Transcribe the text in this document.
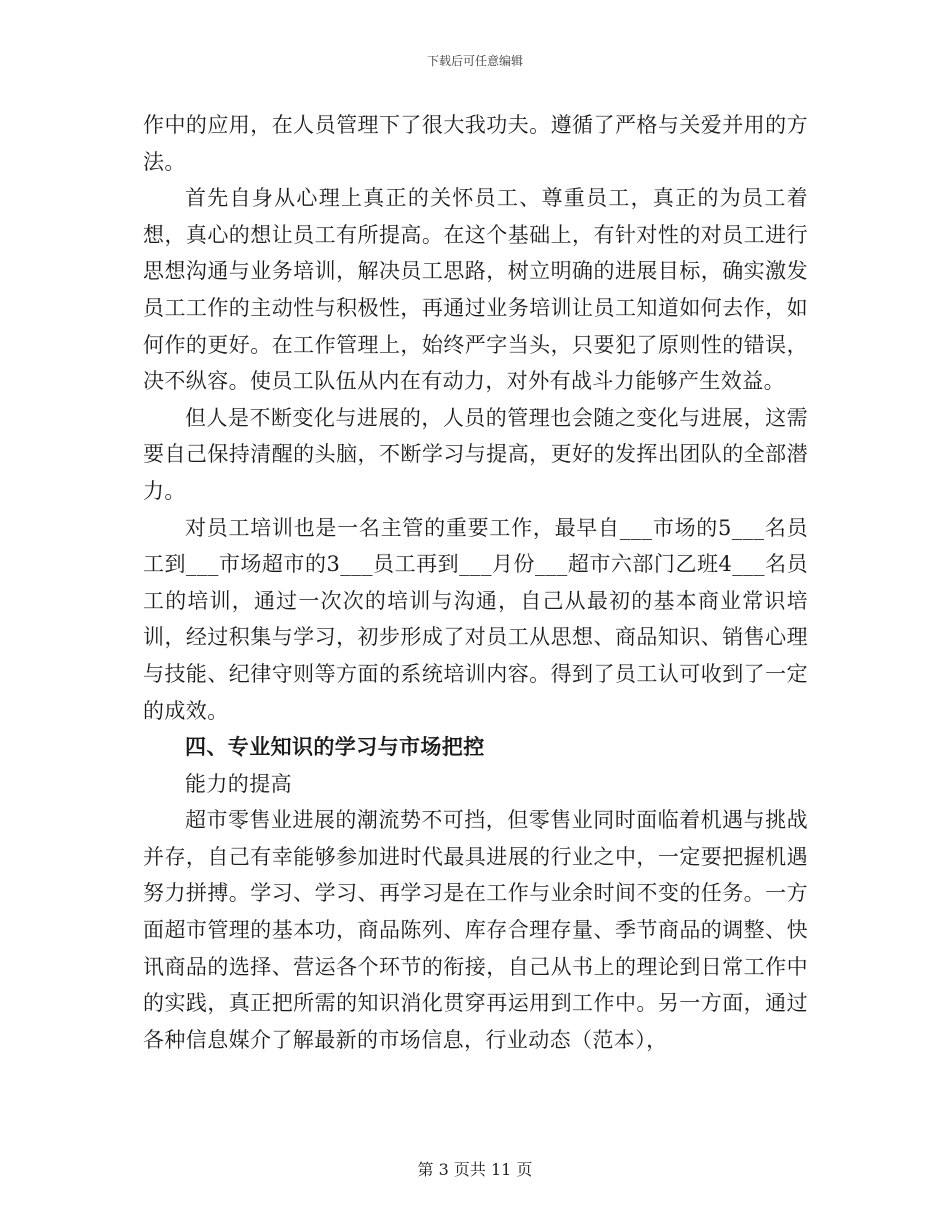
下载后可任意编辑

作中的应用，在人员管理下了很大我功夫。遵循了严格与关爱并用的方法。

首先自身从心理上真正的关怀员工、尊重员工，真正的为员工着想，真心的想让员工有所提高。在这个基础上，有针对性的对员工进行思想沟通与业务培训，解决员工思路，树立明确的进展目标，确实激发员工工作的主动性与积极性，再通过业务培训让员工知道如何去作，如何作的更好。在工作管理上，始终严字当头，只要犯了原则性的错误，决不纵容。使员工队伍从内在有动力，对外有战斗力能够产生效益。

但人是不断变化与进展的，人员的管理也会随之变化与进展，这需要自己保持清醒的头脑，不断学习与提高，更好的发挥出团队的全部潜力。

对员工培训也是一名主管的重要工作，最早自___市场的5___名员工到___市场超市的3___员工再到___月份___超市六部门乙班4___名员工的培训，通过一次次的培训与沟通，自己从最初的基本商业常识培训，经过积集与学习，初步形成了对员工从思想、商品知识、销售心理与技能、纪律守则等方面的系统培训内容。得到了员工认可收到了一定的成效。

四、专业知识的学习与市场把控

能力的提高

超市零售业进展的潮流势不可挡，但零售业同时面临着机遇与挑战并存，自己有幸能够参加进时代最具进展的行业之中，一定要把握机遇努力拼搏。学习、学习、再学习是在工作与业余时间不变的任务。一方面超市管理的基本功，商品陈列、库存合理存量、季节商品的调整、快讯商品的选择、营运各个环节的衔接，自己从书上的理论到日常工作中的实践，真正把所需的知识消化贯穿再运用到工作中。另一方面，通过各种信息媒介了解最新的市场信息，行业动态（范本），

第 3 页共 11 页
